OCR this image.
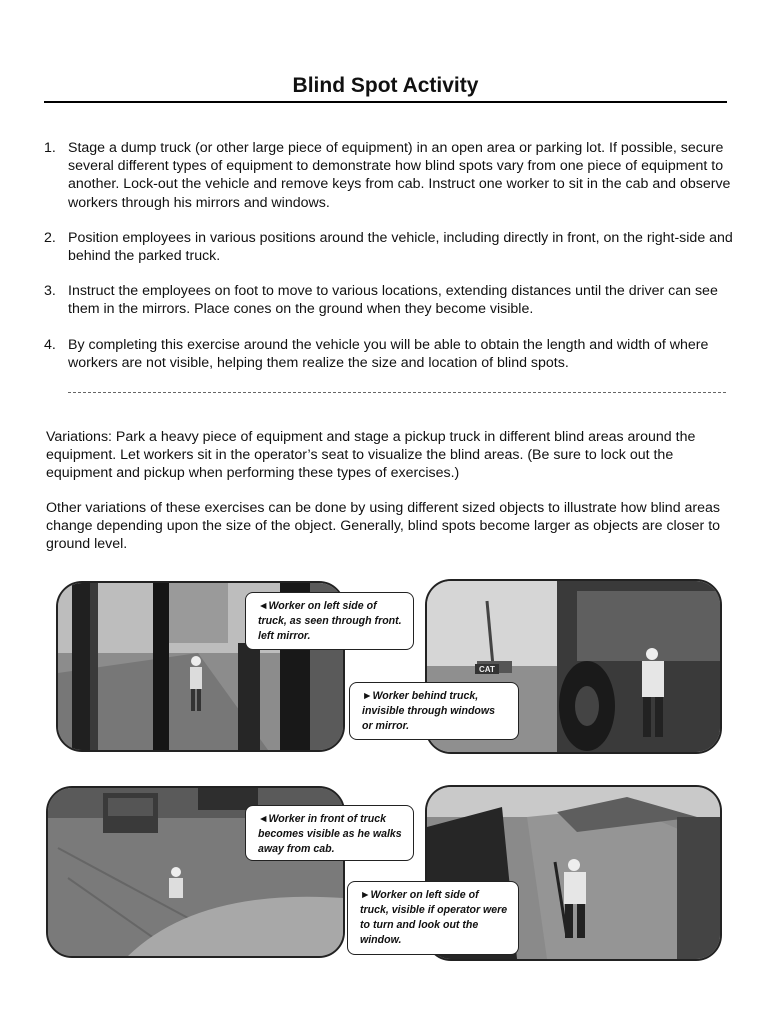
Blind Spot Activity
1. Stage a dump truck (or other large piece of equipment) in an open area or parking lot. If possible, secure several different types of equipment to demonstrate how blind spots vary from one piece of equipment to another. Lock-out the vehicle and remove keys from cab. Instruct one worker to sit in the cab and observe workers through his mirrors and windows.
2. Position employees in various positions around the vehicle, including directly in front, on the right-side and behind the parked truck.
3. Instruct the employees on foot to move to various locations, extending distances until the driver can see them in the mirrors. Place cones on the ground when they become visible.
4. By completing this exercise around the vehicle you will be able to obtain the length and width of where workers are not visible, helping them realize the size and location of blind spots.

Variations: Park a heavy piece of equipment and stage a pickup truck in different blind areas around the equipment. Let workers sit in the operator’s seat to visualize the blind areas. (Be sure to lock out the equipment and pickup when performing these types of exercises.)

Other variations of these exercises can be done by using different sized objects to illustrate how blind areas change depending upon the size of the object. Generally, blind spots become larger as objects are closer to ground level.

CAT
◄Worker on left side of truck, as seen through front. left mirror.
►Worker behind truck, invisible through windows or mirror.
◄Worker in front of truck becomes visible as he walks away from cab.
►Worker on left side of truck, visible if operator were to turn and look out the window.
